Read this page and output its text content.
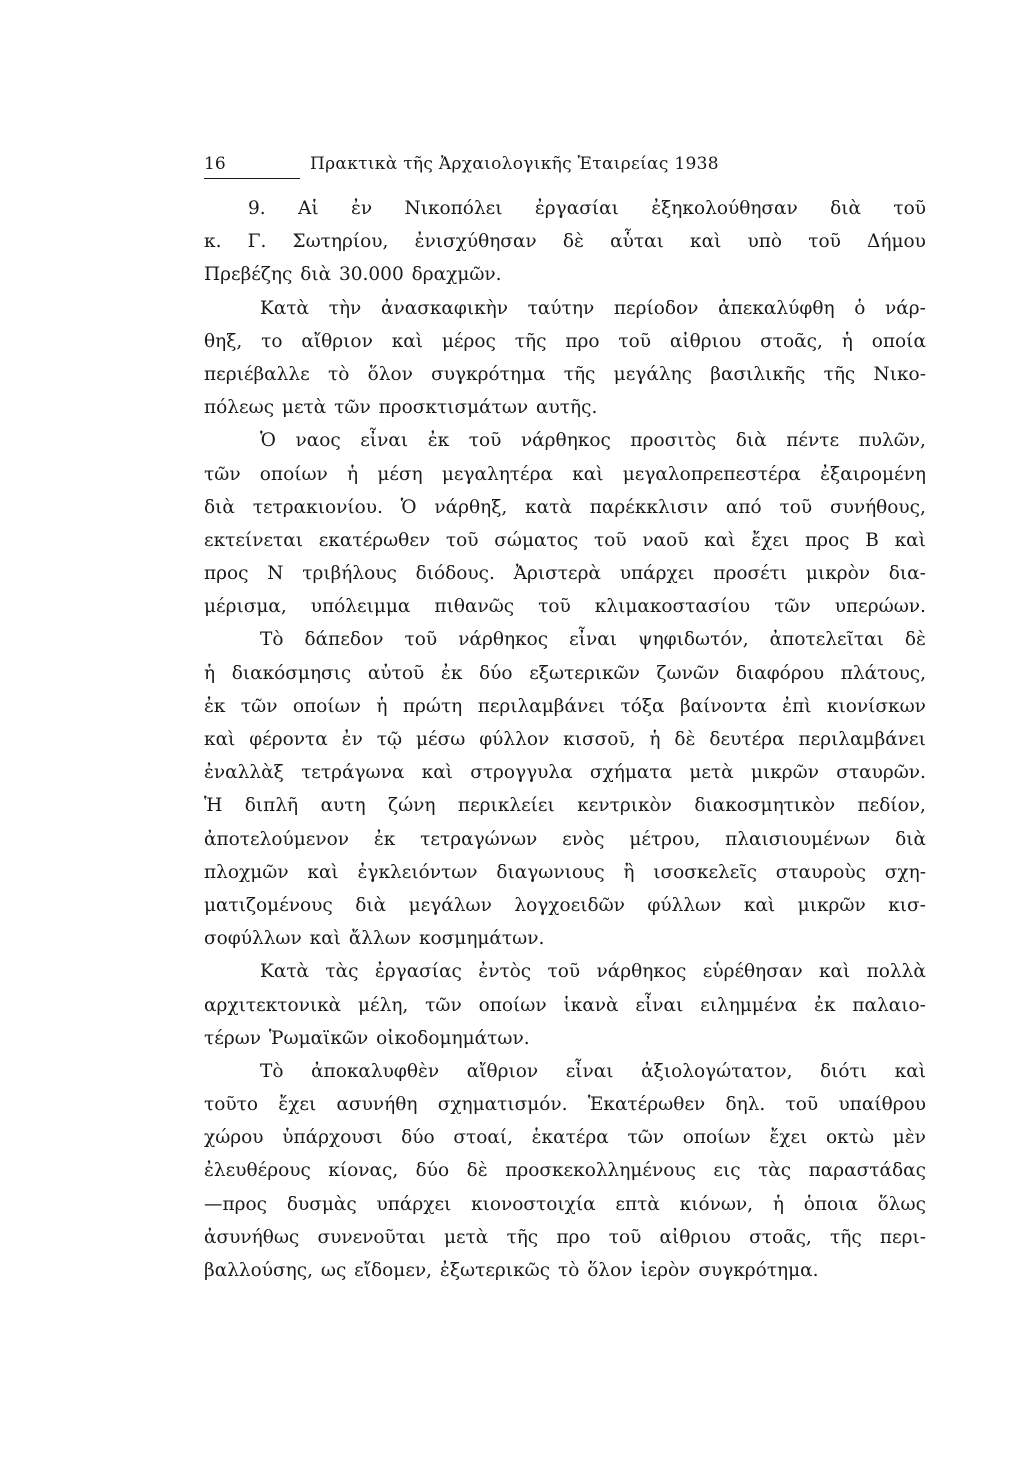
16	Πρακτικὰ τῆς Ἀρχαιολογικῆς Ἑταιρείας 1938
9. Αἱ ἐν Νικοπόλει ἐργασίαι ἐξηκολούθησαν διὰ τοῦ
κ. Γ. Σωτηρίου, ἐνισχύθησαν δὲ αὗται καὶ υπὸ τοῦ Δήμου
Πρεβέζης διὰ 30.000 δραχμῶν.
Κατὰ τὴν ἀνασκαφικὴν ταύτην περίοδον ἀπεκαλύφθη ὁ νάρ-
θηξ, το αἴθριον καὶ μέρος τῆς προ τοῦ αἰθριου στοᾶς, ἡ οποία
περιέβαλλε τὸ ὅλον συγκρότημα τῆς μεγάλης βασιλικῆς τῆς Νικο-
πόλεως μετὰ τῶν προσκτισμάτων αυτῆς.
Ὁ ναος εἶναι ἐκ τοῦ νάρθηκος προσιτὸς διὰ πέντε πυλῶν,
τῶν οποίων ἡ μέση μεγαλητέρα καὶ μεγαλοπρεπεστέρα ἐξαιρομένη
διὰ τετρακιονίου. Ὁ νάρθηξ, κατὰ παρέκκλισιν από τοῦ συνήθους,
εκτείνεται εκατέρωθεν τοῦ σώματος τοῦ ναοῦ καὶ ἔχει προς Β καὶ
προς Ν τριβήλους διόδους. Ἀριστερὰ υπάρχει προσέτι μικρὸν δια-
μέρισμα, υπόλειμμα πιθανῶς τοῦ κλιμακοστασίου τῶν υπερώων.
Τὸ δάπεδον τοῦ νάρθηκος εἶναι ψηφιδωτόν, ἀποτελεῖται δὲ
ἡ διακόσμησις αὐτοῦ ἐκ δύο εξωτερικῶν ζωνῶν διαφόρου πλάτους,
ἐκ τῶν οποίων ἡ πρώτη περιλαμβάνει τόξα βαίνοντα ἐπὶ κιονίσκων
καὶ φέροντα ἐν τῷ μέσω φύλλον κισσοῦ, ἡ δὲ δευτέρα περιλαμβάνει
ἐναλλὰξ τετράγωνα καὶ στρογγυλα σχήματα μετὰ μικρῶν σταυρῶν.
Ἡ διπλῆ αυτη ζώνη περικλείει κεντρικὸν διακοσμητικὸν πεδίον,
ἀποτελούμενον ἐκ τετραγώνων ενὸς μέτρου, πλαισιουμένων διὰ
πλοχμῶν καὶ ἐγκλειόντων διαγωνιους ἢ ισοσκελεῖς σταυροὺς σχη-
ματιζομένους διὰ μεγάλων λογχοειδῶν φύλλων καὶ μικρῶν κισ-
σοφύλλων καὶ ἄλλων κοσμημάτων.
Κατὰ τὰς ἐργασίας ἐντὸς τοῦ νάρθηκος εὑρέθησαν καὶ πολλὰ
αρχιτεκτονικὰ μέλη, τῶν οποίων ἱκανὰ εἶναι ειλημμένα ἐκ παλαιο-
τέρων Ῥωμαϊκῶν οἰκοδομημάτων.
Τὸ ἀποκαλυφθὲν αἴθριον εἶναι ἀξιολογώτατον, διότι καὶ
τοῦτο ἔχει ασυνήθη σχηματισμόν. Ἑκατέρωθεν δηλ. τοῦ υπαίθρου
χώρου ὑπάρχουσι δύο στοαί, ἑκατέρα τῶν οποίων ἔχει οκτὼ μὲν
ἐλευθέρους κίονας, δύο δὲ προσκεκολλημένους εις τὰς παραστάδας
—προς δυσμὰς υπάρχει κιονοστοιχία επτὰ κιόνων, ἡ ὁποια ὅλως
ἀσυνήθως συνενοῦται μετὰ τῆς προ τοῦ αἰθριου στοᾶς, τῆς περι-
βαλλούσης, ως εἴδομεν, ἐξωτερικῶς τὸ ὅλον ἱερὸν συγκρότημα.
